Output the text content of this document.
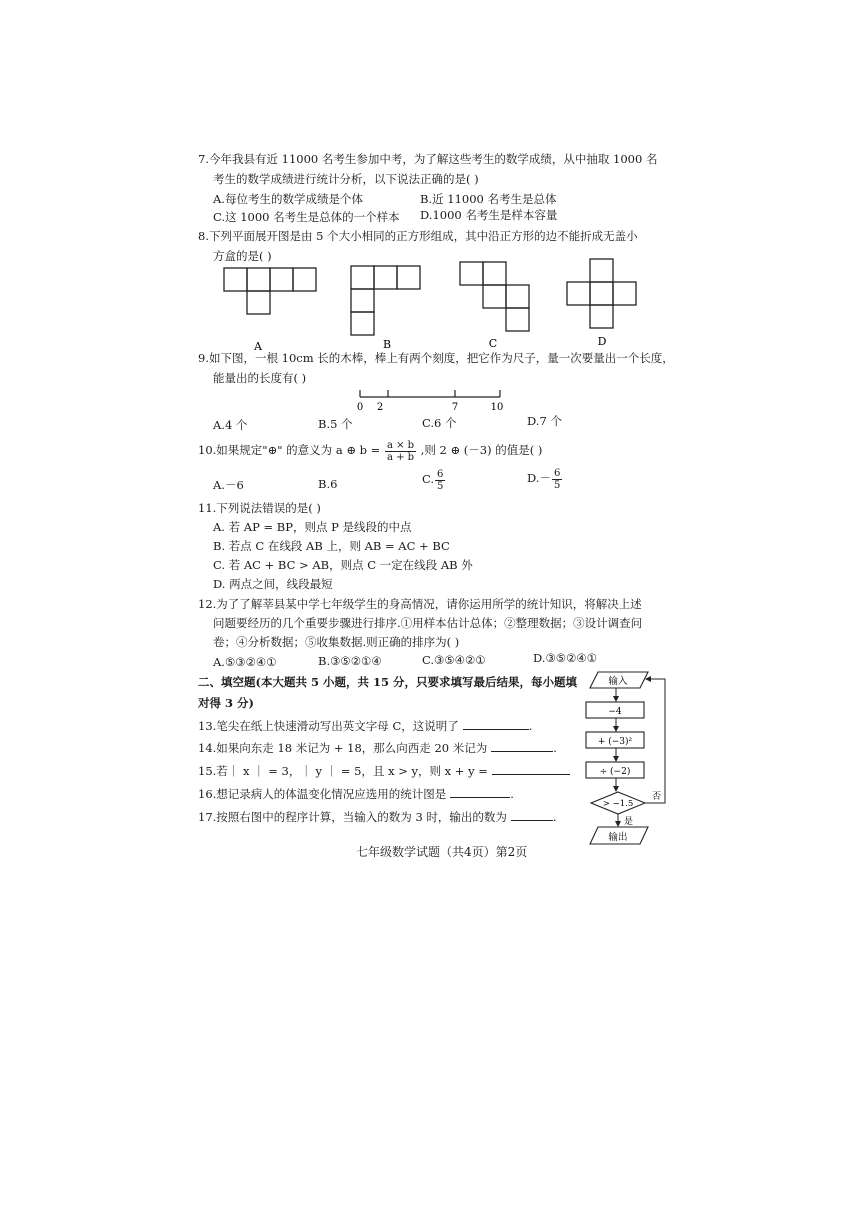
7.今年我县有近 11000 名考生参加中考，为了解这些考生的数学成绩，从中抽取 1000 名
考生的数学成绩进行统计分析，以下说法正确的是( )
A.每位考生的数学成绩是个体	B.近 11000 名考生是总体
C.这 1000 名考生是总体的一个样本 D.1000 名考生是样本容量
8.下列平面展开图是由 5 个大小相同的正方形组成，其中沿正方形的边不能折成无盖小
方盒的是( )
A	B	C	D
9.如下图，一根 10cm 长的木棒，棒上有两个刻度，把它作为尺子，量一次要量出一个长度，
能量出的长度有( )
0 2	7	10
A.4 个	B.5 个	C.6 个	D.7 个
10.如果规定"⊕" 的意义为 a ⊕ $b = \frac{a \times b}{a + b}$ ,则 2 ⊕ (－3) 的值是( )
A.－6	B.6	C. $\frac{6}{5}$	$D.- \frac{6}{5}$
11.下列说法错误的是( )
A. 若 AP = BP，则点 P 是线段的中点
B. 若点 C 在线段 AB 上，则 AB = AC + BC
C. 若 AC + BC > AB，则点 C 一定在线段 AB 外
D. 两点之间，线段最短
12.为了了解莘县某中学七年级学生的身高情况，请你运用所学的统计知识，将解决上述
问题要经历的几个重要步骤进行排序.①用样本估计总体；②整理数据；③设计调查问
卷；④分析数据；⑤收集数据.则正确的排序为( )
A.⑤③②④①	B.③⑤②①④	C.③⑤④②①	D.③⑤②④①
二、填空题(本大题共 5 小题，共 15 分，只要求填写最后结果，每小题填
对得 3 分)
13.笔尖在纸上快速滑动写出英文字母 C，这说明了	.
14.如果向东走 18 米记为 + 18，那么向西走 20 米记为	.
15.若｜ x ｜ = 3，｜ y ｜ = 5，且 x > y，则 x + y =
16.想记录病人的体温变化情况应选用的统计图是	.
17.按照右图中的程序计算，当输入的数为 3 时，输出的数为	.
输入
−4
+ (−3)²
÷ (−2)
> −1.5
否
是
输出
七年级数学试题（共4页）第2页
